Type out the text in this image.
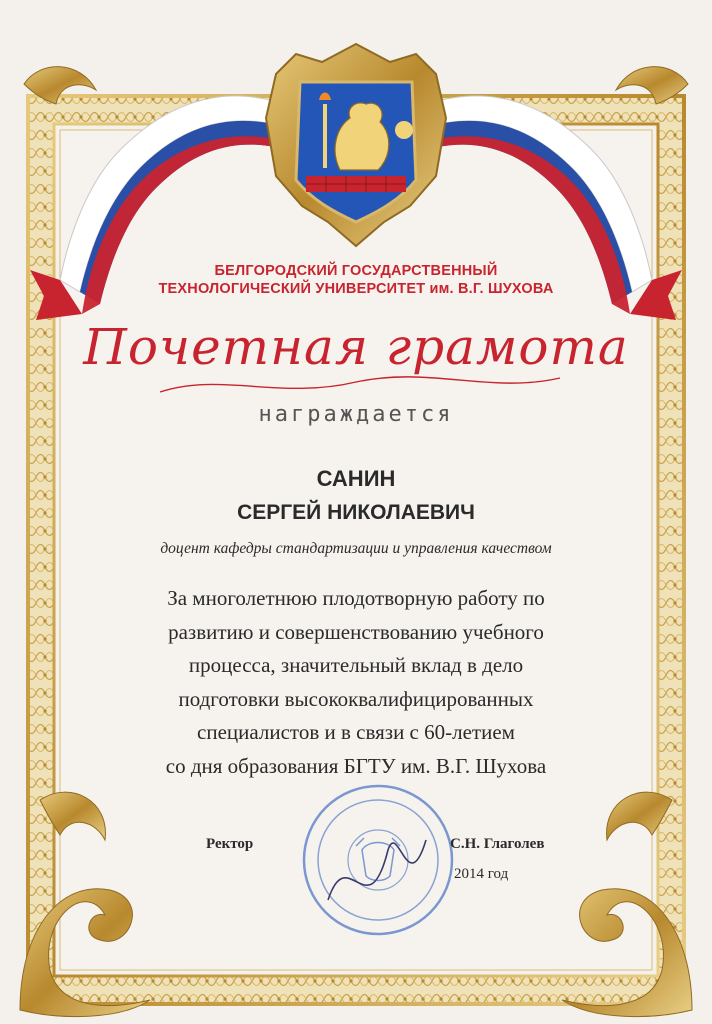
БЕЛГОРОДСКИЙ ГОСУДАРСТВЕННЫЙ
ТЕХНОЛОГИЧЕСКИЙ УНИВЕРСИТЕТ им. В.Г. ШУХОВА
Почетная грамота
награждается
САНИН
СЕРГЕЙ НИКОЛАЕВИЧ
доцент кафедры стандартизации и управления качеством
За многолетнюю плодотворную работу по
развитию и совершенствованию учебного
процесса, значительный вклад в дело
подготовки высококвалифицированных
специалистов и в связи с 60-летием
со дня образования БГТУ им. В.Г. Шухова
Ректор	С.Н. Глаголев
2014 год
